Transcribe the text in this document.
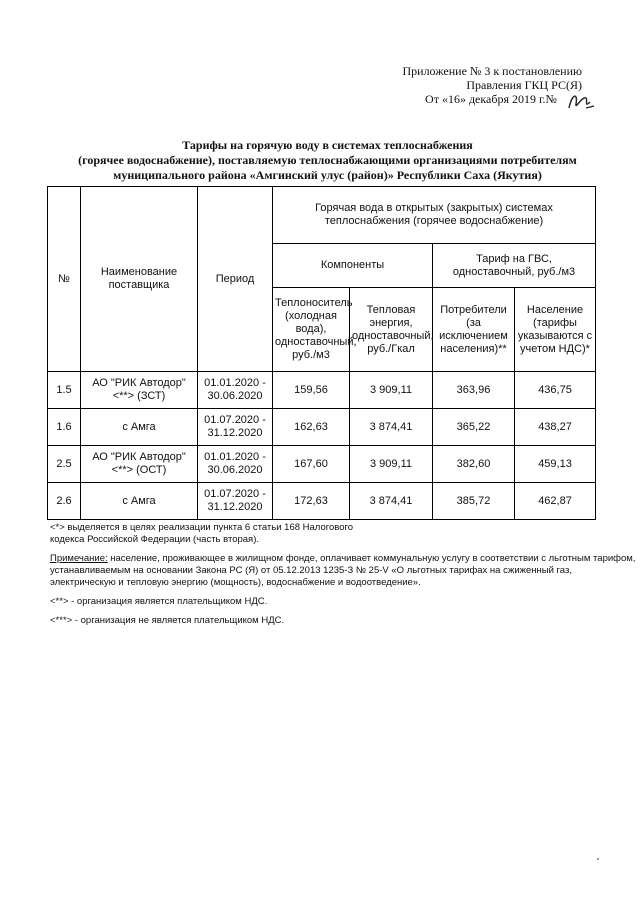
Приложение № 3 к постановлению
Правления ГКЦ РС(Я)
От «16» декабря 2019 г.№
Тарифы на горячую воду в системах теплоснабжения
(горячее водоснабжение), поставляемую теплоснабжающими организациями потребителям
муниципального района «Амгинский улус (район)» Республики Саха (Якутия)
№	Наименование поставщика	Период	Горячая вода в открытых (закрытых) системах теплоснабжения (горячее водоснабжение)			
			Компоненты		Тариф на ГВС, одноставочный, руб./м3	
			Теплоноситель (холодная вода), одноставочный, руб./м3	Тепловая энергия, одноставочный, руб./Гкал	Потребители (за исключением населения)**	Население (тарифы указываются с учетом НДС)*
1.5	АО "РИК Автодор" <**> (ЗСТ)	01.01.2020 - 30.06.2020	159,56	3 909,11	363,96	436,75
1.6	с Амга	01.07.2020 - 31.12.2020	162,63	3 874,41	365,22	438,27
2.5	АО "РИК Автодор" <**> (ОСТ)	01.01.2020 - 30.06.2020	167,60	3 909,11	382,60	459,13
2.6	с Амга	01.07.2020 - 31.12.2020	172,63	3 874,41	385,72	462,87

<*> выделяется в целях реализации пункта 6 статьи 168 Налогового кодекса Российской Федерации (часть вторая).

Примечание: население, проживающее в жилищном фонде, оплачивает коммунальную услугу в соответствии с льготным тарифом, устанавливаемым на основании Закона РС (Я) от 05.12.2013 1235-З № 25-V «О льготных тарифах на сжиженный газ, электрическую и тепловую энергию (мощность), водоснабжение и водоотведение».

<**> - организация является плательщиком НДС.

<***> - организация не является плательщиком НДС.
